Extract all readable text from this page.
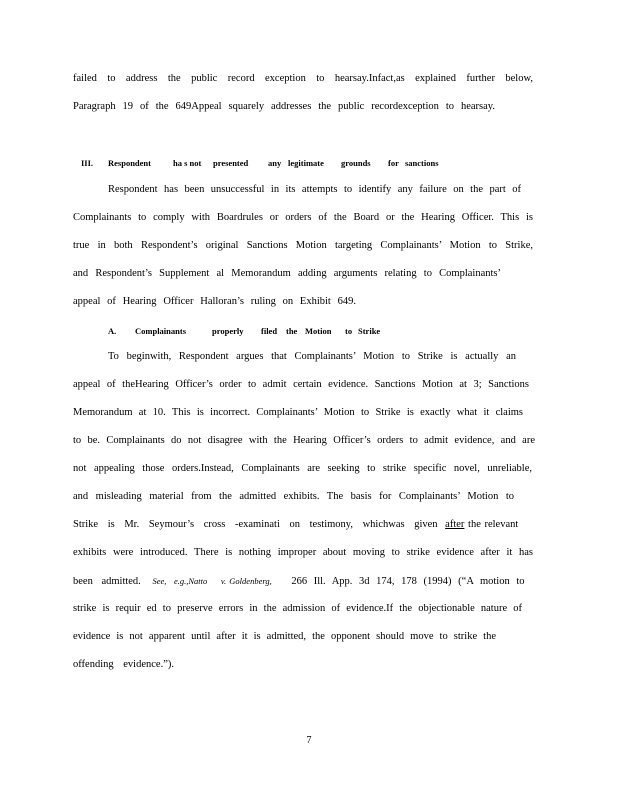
failed to address the public record exception to hearsay.Infact,as explained further below,
Paragraph 19 of the 649Appeal squarely addresses the public recordexception to hearsay.
III. Respondent	ha s not presented any legitimate grounds for sanctions
Respondent has been unsuccessful in its attempts to identify any failure on the part of
Complainants to comply with Boardrules or orders of the Board or the Hearing Officer. This is
true in both Respondent’s original Sanctions Motion targeting Complainants’ Motion to Strike,
and Respondent’s Supplement al Memorandum adding arguments relating to Complainants’
appeal of Hearing Officer Halloran’s ruling on Exhibit 649.
A. Complainants	properly filed the Motion to Strike
To beginwith, Respondent argues that Complainants’ Motion to Strike is actually an
appeal of theHearing Officer’s order to admit certain evidence. Sanctions Motion at 3; Sanctions
Memorandum at 10. This is incorrect. Complainants’ Motion to Strike is exactly what it claims
to be. Complainants do not disagree with the Hearing Officer’s orders to admit evidence, and are
not appealing those orders.Instead, Complainants are seeking to strike specific novel, unreliable,
and misleading material from the admitted exhibits. The basis for Complainants’ Motion to
Strike is Mr. Seymour’s cross -examinati on testimony, whichwas given after the relevant
exhibits were introduced. There is nothing improper about moving to strike evidence after it has
been admitted. See, e.g.,Natto v. Goldenberg, 266 Ill. App. 3d 174, 178 (1994) (“A motion to
strike is requir ed to preserve errors in the admission of evidence.If the objectionable nature of
evidence is not apparent until after it is admitted, the opponent should move to strike the
offending evidence.”).
7
